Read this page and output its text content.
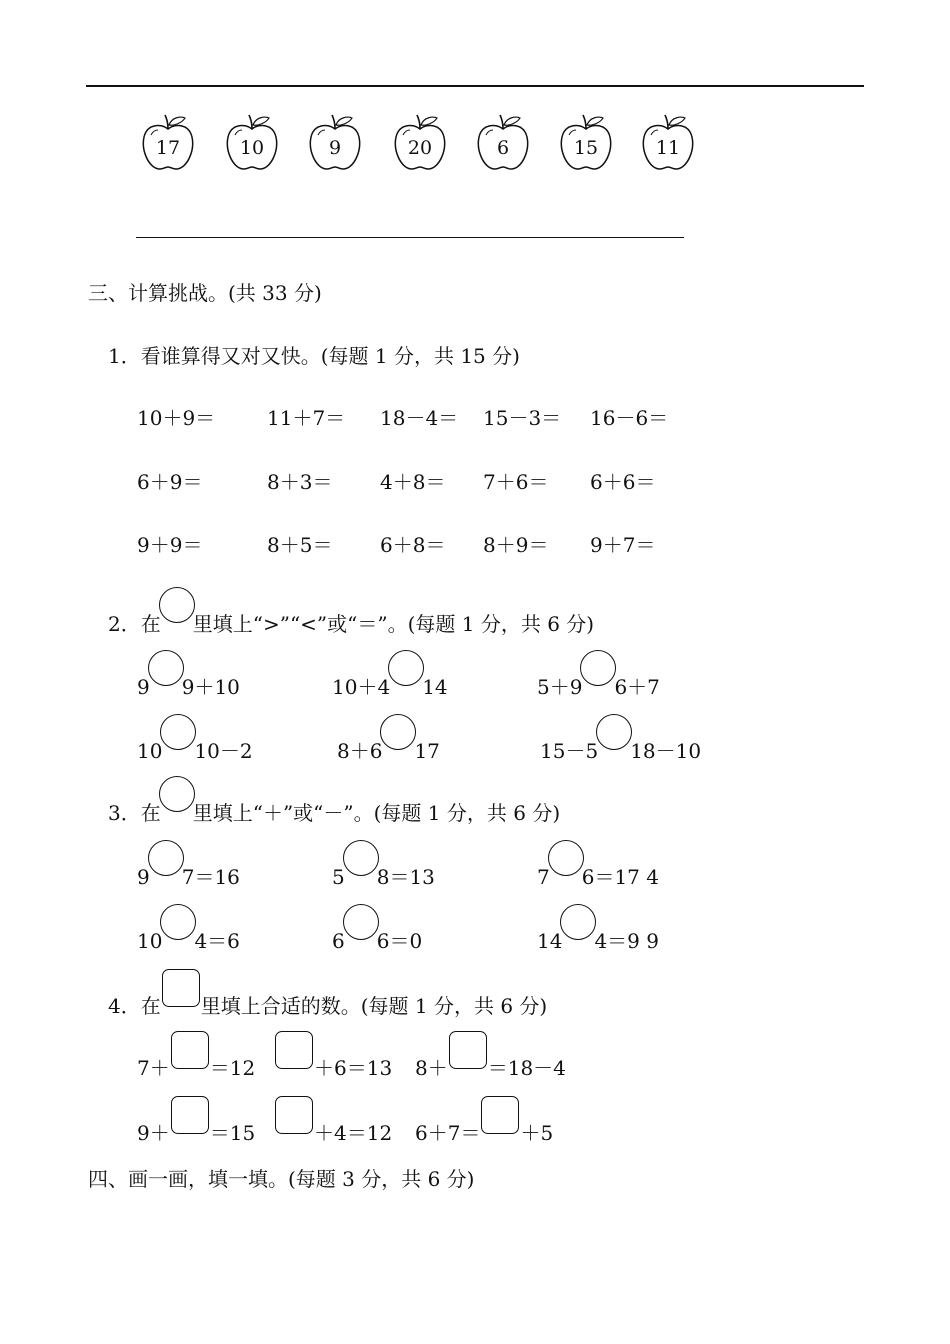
17	10	9	20	6	15	11
三、计算挑战。(共 33 分)
1．看谁算得又对又快。(每题 1 分，共 15 分)
10＋9＝	11＋7＝ 18－4＝ 15－3＝ 16－6＝
6＋9＝	8＋3＝ 4＋8＝ 7＋6＝ 6＋6＝
9＋9＝	8＋5＝ 6＋8＝ 8＋9＝ 9＋7＝
2．在 里填上“>”“<”或“＝”。(每题 1 分，共 6 分)
9 9＋10	10＋4 14	5＋9 6＋7
10 10－2	8＋6 17	15－5 18－10
3．在 里填上“＋”或“－”。(每题 1 分，共 6 分)
9 7＝16	5 8＝13	7 6＝17 4
10 4＝6	6 6＝0	14 4＝9 9
4．在 里填上合适的数。(每题 1 分，共 6 分)
7＋ ＝12	＋6＝13 8＋ ＝18－4
9＋ ＝15	＋4＝12 6＋7＝ ＋5
四、画一画，填一填。(每题 3 分，共 6 分)
